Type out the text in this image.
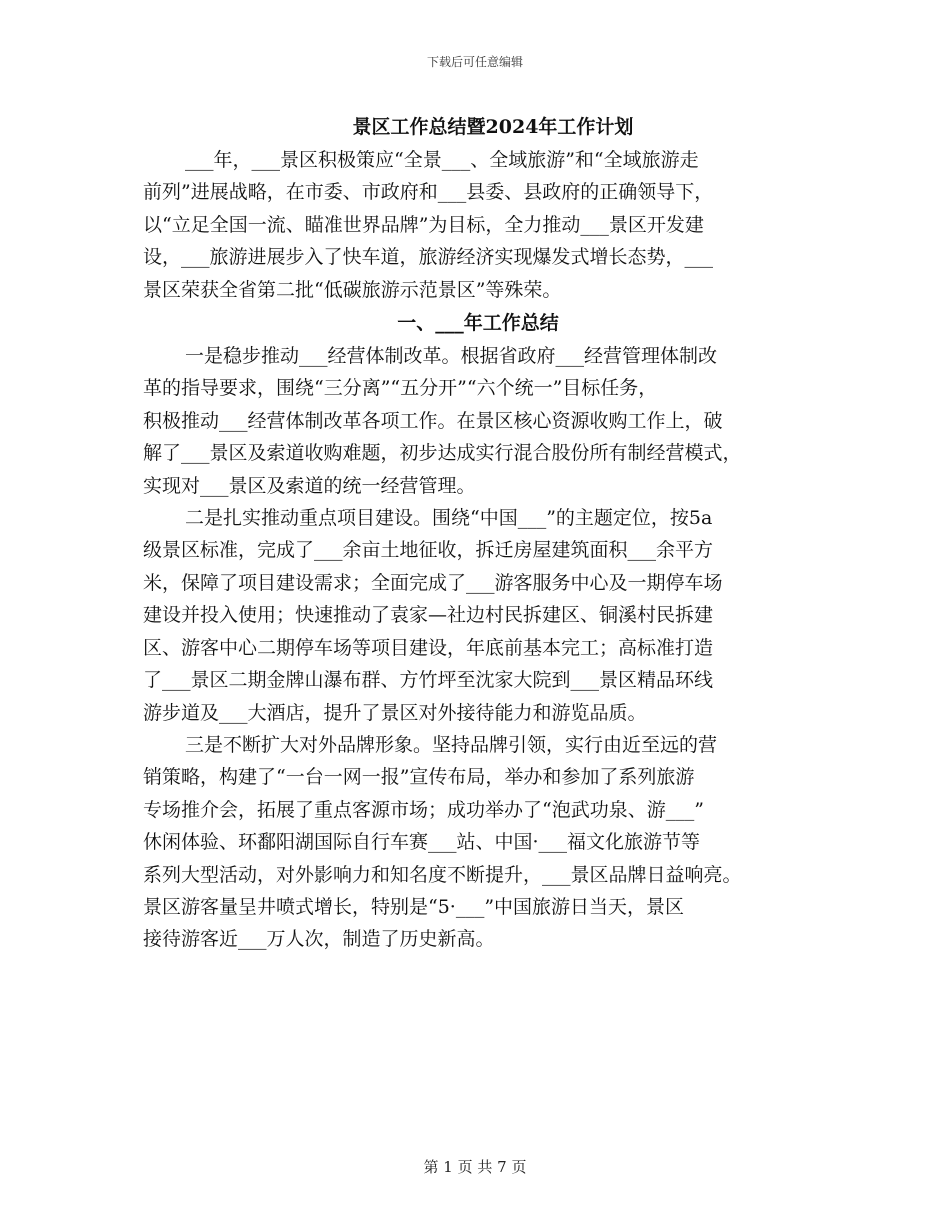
下载后可任意编辑
景区工作总结暨2024年工作计划

___年，___景区积极策应“全景___、全域旅游”和“全域旅游走
前列”进展战略，在市委、市政府和___县委、县政府的正确领导下，
以“立足全国一流、瞄准世界品牌”为目标，全力推动___景区开发建
设，___旅游进展步入了快车道，旅游经济实现爆发式增长态势，___
景区荣获全省第二批“低碳旅游示范景区”等殊荣。

一、___年工作总结

一是稳步推动___经营体制改革。根据省政府___经营管理体制改
革的指导要求，围绕“三分离”“五分开”“六个统一”目标任务，
积极推动___经营体制改革各项工作。在景区核心资源收购工作上，破
解了___景区及索道收购难题，初步达成实行混合股份所有制经营模式，
实现对___景区及索道的统一经营管理。

二是扎实推动重点项目建设。围绕“中国___”的主题定位，按5a
级景区标准，完成了___余亩土地征收，拆迁房屋建筑面积___余平方
米，保障了项目建设需求；全面完成了___游客服务中心及一期停车场
建设并投入使用；快速推动了袁家—社边村民拆建区、铜溪村民拆建
区、游客中心二期停车场等项目建设，年底前基本完工；高标准打造
了___景区二期金牌山瀑布群、方竹坪至沈家大院到___景区精品环线
游步道及___大酒店，提升了景区对外接待能力和游览品质。

三是不断扩大对外品牌形象。坚持品牌引领，实行由近至远的营
销策略，构建了“一台一网一报”宣传布局，举办和参加了系列旅游
专场推介会，拓展了重点客源市场；成功举办了“泡武功泉、游___”
休闲体验、环鄱阳湖国际自行车赛___站、中国·___福文化旅游节等
系列大型活动，对外影响力和知名度不断提升，___景区品牌日益响亮。
景区游客量呈井喷式增长，特别是“5·___”中国旅游日当天，景区
接待游客近___万人次，制造了历史新高。

第 1 页 共 7 页
